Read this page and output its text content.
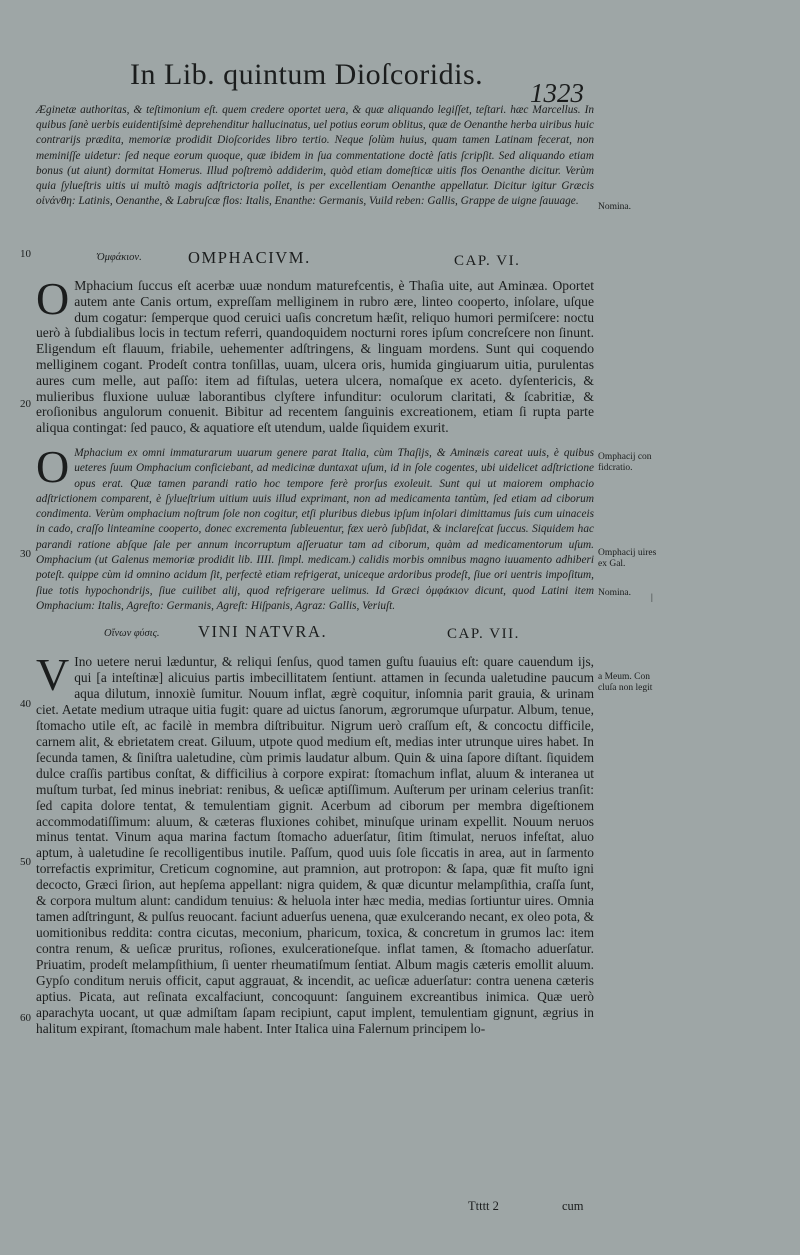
In Lib. quintum Dioſcoridis.
1323
Æginetæ authoritas, & teſtimonium eſt. quem credere oportet uera, & quæ aliquando legiſſet, teſtari. hæc Marcellus. In quibus ſanè uerbis euidentiſsimè deprehenditur hallucinatus, uel potius eorum oblitus, quæ de Oenanthe herba uiribus huic contrarijs prædita, memoriæ prodidit Dioſcorides libro tertio. Neque ſolùm huius, quam tamen Latinam fecerat, non meminiſſe uidetur: ſed neque eorum quoque, quæ ibidem in ſua commentatione doctè ſatis ſcripſit. Sed aliquando etiam bonus (ut aiunt) dormitat Homerus. Illud poſtremò addiderim, quòd etiam domeſticæ uitis flos Oenanthe dicitur. Verùm quia ſylueſtris uitis ui multò magis adſtrictoria pollet, is per excellentiam Oenanthe appellatur. Dicitur igitur Græcis οἰνάνθη: Latinis, Oenanthe, & Labruſcæ flos: Italis, Enanthe: Germanis, Vuild reben: Gallis, Grappe de uigne ſauuage.	Nomina.
10	Ὀμφάκιον.	OMPHACIVM.	CAP. VI.
O Mphacium ſuccus eſt acerbæ uuæ nondum maturefcentis, è Thaſia uite, aut Aminæa. Oportet autem ante Canis ortum, expreſſam melliginem in rubro ære, linteo cooperto, inſolare, uſque dum cogatur: ſemperque quod ceruici uaſis concretum hæſit, reliquo humori permiſcere: noctu uerò à ſubdialibus locis in tectum referri, quandoquidem nocturni rores ipſum concreſcere non ſinunt. Eligendum eſt flauum, friabile, uehementer adſtringens, & linguam mordens. Sunt qui coquendo melliginem cogant. Prodeſt contra tonſillas, uuam, ulcera oris, humida gingiuarum uitia, purulentas aures cum melle, aut paſſo: item ad fiſtulas, uetera ulcera, nomaſque ex aceto. dyſentericis, & mulieribus fluxione uuluæ laborantibus clyſtere infunditur: oculorum claritati, & ſcabritiæ, & eroſionibus angulorum conuenit. Bibitur ad recentem ſanguinis excreationem, etiam ſi rupta parte aliqua contingat: ſed pauco, & aquatiore eſt utendum, ualde ſiquidem exurit.
20
O Mphacium ex omni immaturarum uuarum genere parat Italia, cùm Thaſijs, & Aminæis careat uuis, è quibus ueteres ſuum Omphacium conficiebant, ad medicinæ duntaxat uſum, id in ſole cogentes, ubi uidelicet adſtrictione opus erat. Quæ tamen parandi ratio hoc tempore ferè prorſus exoleuit. Sunt qui ut maiorem omphacio adſtrictionem comparent, è ſylueſtrium uitium uuis illud exprimant, non ad medicamenta tantùm, ſed etiam ad ciborum condimenta. Verùm omphacium noſtrum ſole non cogitur, etſi pluribus diebus ipſum inſolari dimittamus ſuis cum uinaceis in cado, craſſo linteamine cooperto, donec excrementa ſubleuentur, fæx uerò ſubſidat, & inclareſcat ſuccus. Siquidem hac parandi ratione abſque ſale per annum incorruptum aſſeruatur tam ad ciborum, quàm ad medicamentorum uſum. Omphacium (ut Galenus memoriæ prodidit lib. IIII. ſimpl. medicam.) calidis morbis omnibus magno iuuamento adhiberi poteſt. quippe cùm id omnino acidum ſit, perfectè etiam refrigerat, uniceque ardoribus prodeſt, ſiue ori uentris impoſitum, ſiue totis hypochondrijs, ſiue cuilibet alij, quod refrigerare uelimus. Id Græci ὀμφάκιον dicunt, quod Latini item Omphacium: Italis, Agreſto: Germanis, Agreſt: Hiſpanis, Agraz: Gallis, Veriuſt.
Omphacij con fidcratio.
30	Omphacij uires ex Gal.
Nomina.	|
Οἴνων φύσις. VINI NATVRA.	CAP. VII.
V Ino uetere nerui læduntur, & reliqui ſenſus, quod tamen guſtu ſuauius eſt: quare cauendum ijs, qui [a inteſtinæ] alicuius partis imbecillitatem ſentiunt. attamen in ſecunda ualetudine paucum aqua dilutum, innoxiè ſumitur. Nouum inflat, ægrè coquitur, inſomnia parit grauia, & urinam ciet. Aetate medium utraque uitia fugit: quare ad uictus ſanorum, ægrorumque uſurpatur. Album, tenue, ſtomacho utile eſt, ac facilè in membra diſtribuitur. Nigrum uerò craſſum eſt, & concoctu difficile, carnem alit, & ebrietatem creat. Giluum, utpote quod medium eſt, medias inter utrunque uires habet. In ſecunda tamen, & ſiniſtra ualetudine, cùm primis laudatur album. Quin & uina ſapore diſtant. ſiquidem dulce craſſis partibus conſtat, & difficilius à corpore expirat: ſtomachum inflat, aluum & interanea ut muſtum turbat, ſed minus inebriat: renibus, & ueſicæ aptiſſimum. Auſterum per urinam celerius tranſit: ſed capita dolore tentat, & temulentiam gignit. Acerbum ad ciborum per membra digeſtionem accommodatiſſimum: aluum, & cæteras fluxiones cohibet, minuſque urinam expellit. Nouum neruos minus tentat. Vinum aqua marina factum ſtomacho aduerſatur, ſitim ſtimulat, neruos infeſtat, aluo aptum, à ualetudine ſe recolligentibus inutile. Paſſum, quod uuis ſole ſiccatis in area, aut in ſarmento torrefactis exprimitur, Creticum cognomine, aut pramnion, aut protropon: & ſapa, quæ fit muſto igni decocto, Græci ſirion, aut hepſema appellant: nigra quidem, & quæ dicuntur melampſithia, craſſa ſunt, & corpora multum alunt: candidum tenuius: & heluola inter hæc media, medias ſortiuntur uires. Omnia tamen adſtringunt, & pulſus reuocant. faciunt aduerſus uenena, quæ exulcerando necant, ex oleo pota, & uomitionibus reddita: contra cicutas, meconium, pharicum, toxica, & concretum in grumos lac: item contra renum, & ueſicæ pruritus, roſiones, exulcerationeſque. inflat tamen, & ſtomacho aduerſatur. Priuatim, prodeſt melampſithium, ſi uenter rheumatiſmum ſentiat. Album magis cæteris emollit aluum. Gypſo conditum neruis officit, caput aggrauat, & incendit, ac ueſicæ aduerſatur: contra uenena cæteris aptius. Picata, aut reſinata excalfaciunt, concoquunt: ſanguinem excreantibus inimica. Quæ uerò aparachyta uocant, ut quæ admiſtam ſapam recipiunt, caput implent, temulentiam gignunt, ægrius in halitum expirant, ſtomachum male habent. Inter Italica uina Falernum principem lo-
a Meum. Con cluſa non legit
40
50
60
Ttttt 2	cum
